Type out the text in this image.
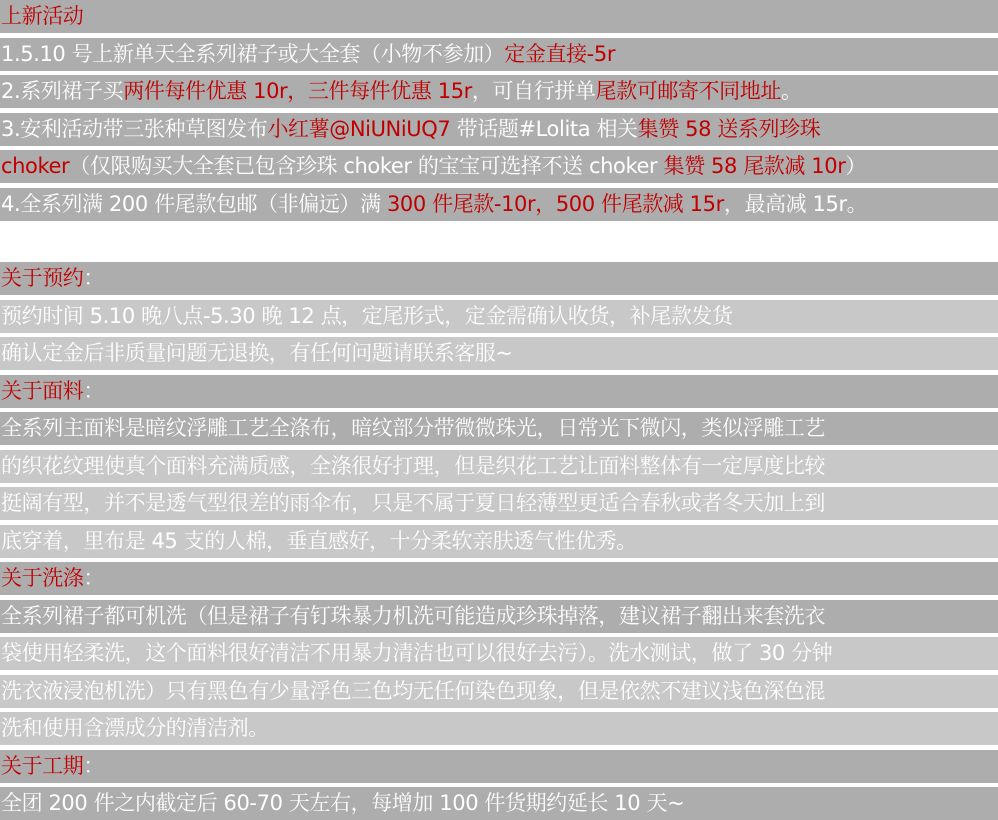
上新活动
1.5.10 号上新单天全系列裙子或大全套（小物不参加）定金直接-5r
2.系列裙子买两件每件优惠 10r，三件每件优惠 15r，可自行拼单尾款可邮寄不同地址。
3.安利活动带三张种草图发布小红薯@NiUNiUQ7 带话题#Lolita 相关集赞 58 送系列珍珠
choker（仅限购买大全套已包含珍珠 choker 的宝宝可选择不送 choker 集赞 58 尾款减 10r）
4.全系列满 200 件尾款包邮（非偏远）满 300 件尾款-10r，500 件尾款减 15r，最高减 15r。
关于预约：
预约时间 5.10 晚八点-5.30 晚 12 点，定尾形式，定金需确认收货，补尾款发货
确认定金后非质量问题无退换，有任何问题请联系客服~
关于面料：
全系列主面料是暗纹浮雕工艺全涤布，暗纹部分带微微珠光，日常光下微闪，类似浮雕工艺
的织花纹理使真个面料充满质感，全涤很好打理，但是织花工艺让面料整体有一定厚度比较
挺阔有型，并不是透气型很差的雨伞布，只是不属于夏日轻薄型更适合春秋或者冬天加上到
底穿着，里布是 45 支的人棉，垂直感好，十分柔软亲肤透气性优秀。
关于洗涤：
全系列裙子都可机洗（但是裙子有钉珠暴力机洗可能造成珍珠掉落，建议裙子翻出来套洗衣
袋使用轻柔洗，这个面料很好清洁不用暴力清洁也可以很好去污）。洗水测试，做了 30 分钟
洗衣液浸泡机洗）只有黑色有少量浮色三色均无任何染色现象，但是依然不建议浅色深色混
洗和使用含漂成分的清洁剂。
关于工期：
全团 200 件之内截定后 60-70 天左右，每增加 100 件货期约延长 10 天~
